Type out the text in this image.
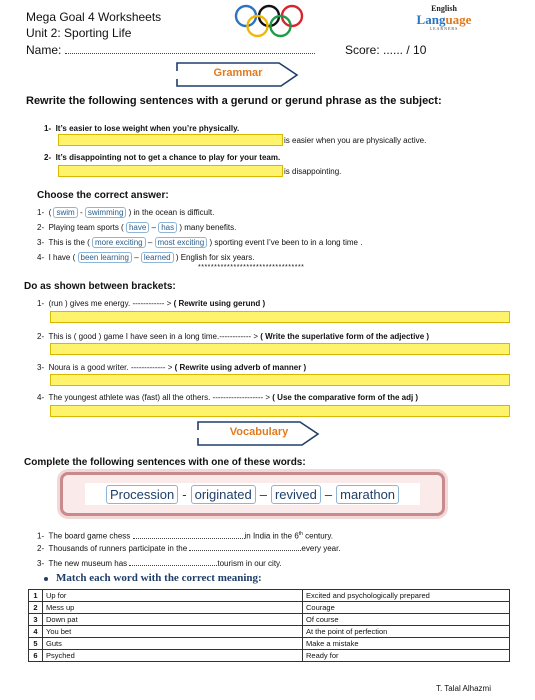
Mega Goal 4 Worksheets
Unit 2: Sporting Life
Name:	Score: ...... / 10
English
Language
LEARNERS
Grammar
Rewrite the following sentences with a gerund or gerund phrase as the subject:
1- It’s easier to lose weight when you’re physically.
is easier when you are physically active.
2- It’s disappointing not to get a chance to play for your team.
is disappointing.
Choose the correct answer:
1- ( swim - swimming ) in the ocean is difficult.
2- Playing team sports ( have – has ) many benefits.
3- This is the ( more exciting – most exciting ) sporting event I’ve been to in a long time .
4- I have ( been learning – learned ) English for six years.
*********************************
Do as shown between brackets:
1- (run ) gives me energy. ------------ > ( Rewrite using gerund )
2- This is ( good ) game I have seen in a long time.------------ > ( Write the superlative form of the adjective )
3- Noura is a good writer. ------------- > ( Rewrite using adverb of manner )
4- The youngest athlete was (fast) all the others. ------------------- > ( Use the comparative form of the adj )
Vocabulary
Complete the following sentences with one of these words:
Procession - originated – revived – marathon
1- The board game chess	in India in the 6th century.
2- Thousands of runners participate in the	every year.
3- The new museum has	tourism in our city.
Match each word with the correct meaning:
1	Up for	Excited and psychologically prepared
2	Mess up	Courage
3	Down pat	Of course
4	You bet	At the point of perfection
5	Guts	Make a mistake
6	Psyched	Ready for
T. Talal Alhazmi
